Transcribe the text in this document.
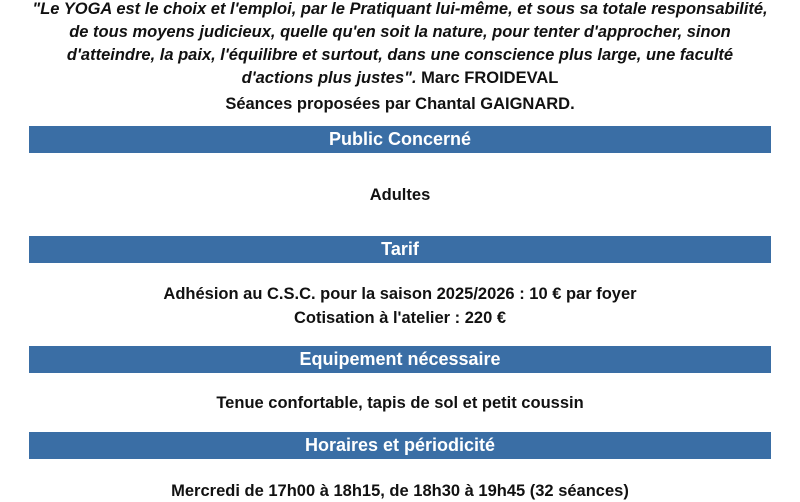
"Le YOGA est le choix et l'emploi, par le Pratiquant lui-même, et sous sa totale responsabilité,
de tous moyens judicieux, quelle qu'en soit la nature, pour tenter d'approcher, sinon
d'atteindre, la paix, l'équilibre et surtout, dans une conscience plus large, une faculté
d'actions plus justes". Marc FROIDEVAL
Séances proposées par Chantal GAIGNARD.
Public Concerné
Adultes
Tarif
Adhésion au C.S.C. pour la saison 2025/2026 : 10 € par foyer
Cotisation à l'atelier : 220 €
Equipement nécessaire
Tenue confortable, tapis de sol et petit coussin
Horaires et périodicité
Mercredi de 17h00 à 18h15, de 18h30 à 19h45 (32 séances)
